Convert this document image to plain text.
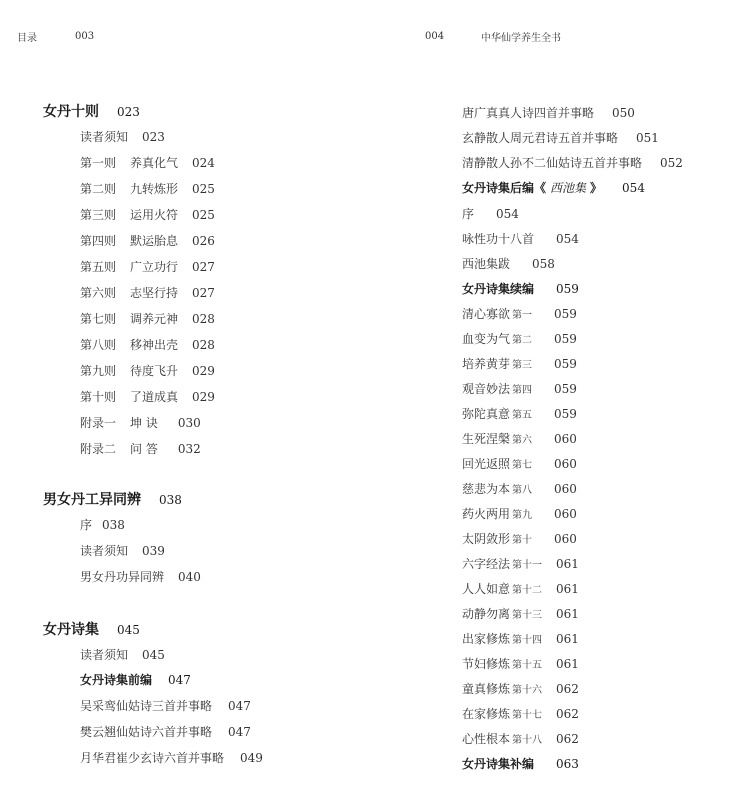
目录	003	004	中华仙学养生全书
女丹十则 023
读者须知 023
第一则 养真化气 024
第二则 九转炼形 025
第三则 运用火符 025
第四则 默运胎息 026
第五则 广立功行 027
第六则 志坚行持 027
第七则 调养元神 028
第八则 移神出壳 028
第九则 待度飞升 029
第十则 了道成真 029
附录一 坤 诀 030
附录二 问 答 032
男女丹工异同辨 038
序 038
读者须知 039
男女丹功异同辨 040
女丹诗集 045
读者须知 045
女丹诗集前编 047
吴采鸾仙姑诗三首并事略 047
樊云翘仙姑诗六首并事略 047
月华君崔少玄诗六首并事略 049
唐广真真人诗四首并事略 050
玄静散人周元君诗五首并事略 051
清静散人孙不二仙姑诗五首并事略 052
女丹诗集后编《 西池集 》 054
序 054
咏性功十八首 054
西池集跋 058
女丹诗集续编 059
清心寡欲 第一 059
血变为气 第二 059
培养黄芽 第三 059
观音妙法 第四 059
弥陀真意 第五 059
生死涅槃 第六 060
回光返照 第七 060
慈悲为本 第八 060
药火两用 第九 060
太阴敛形 第十 060
六字经法 第十一 061
人人如意 第十二 061
动静勿离 第十三 061
出家修炼 第十四 061
节妇修炼 第十五 061
童真修炼 第十六 062
在家修炼 第十七 062
心性根本 第十八 062
女丹诗集补编 063
